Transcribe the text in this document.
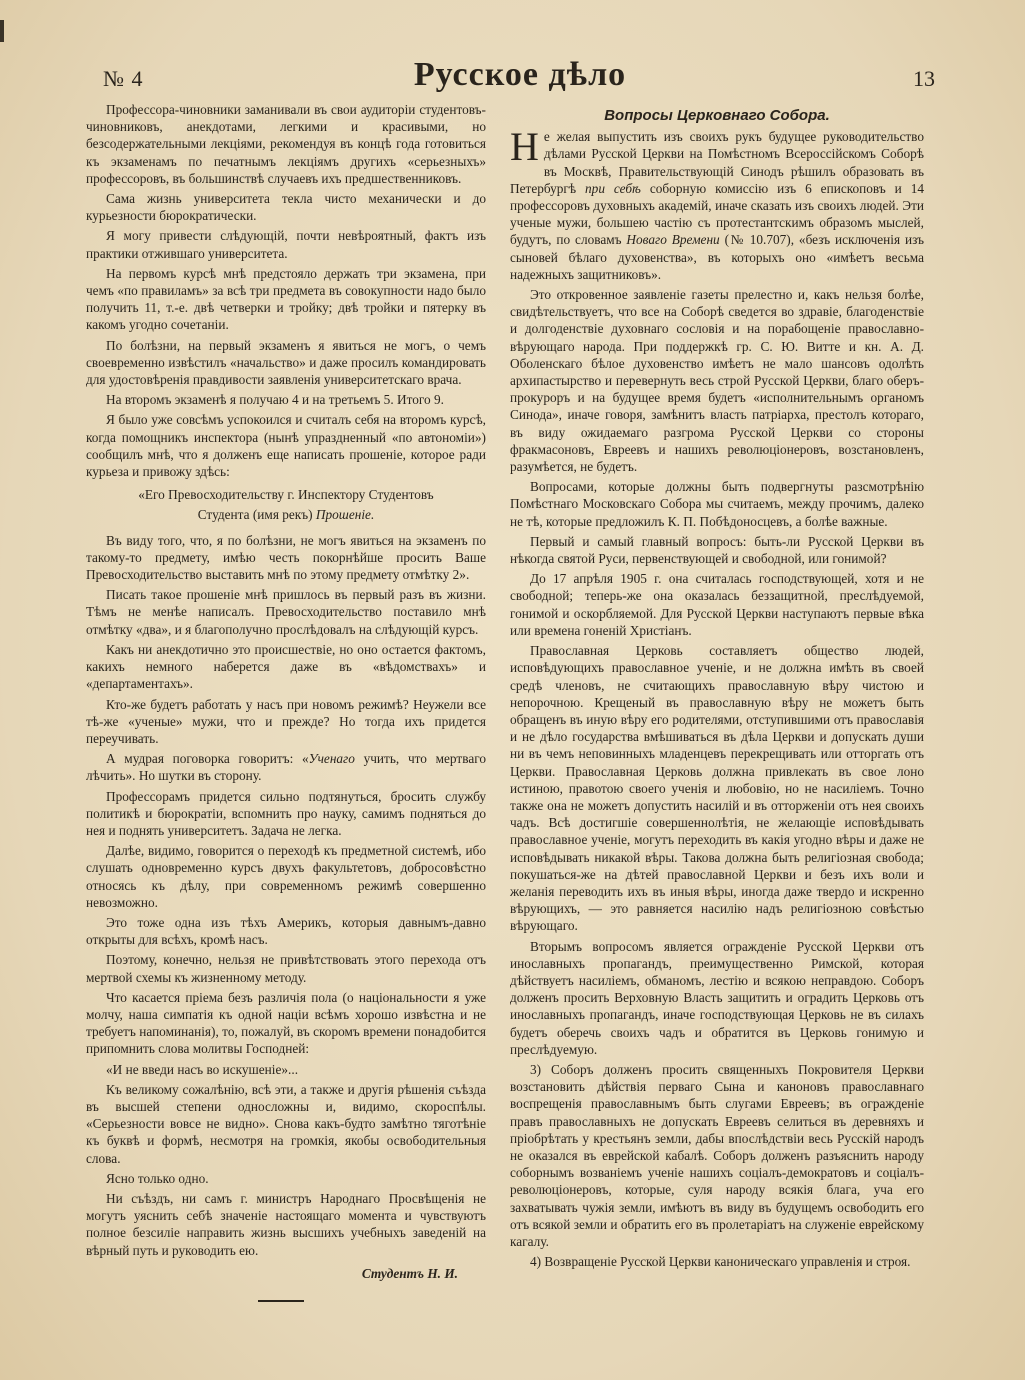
№ 4	Русское дѣло	13

Профессора-чиновники заманивали въ свои аудиторіи студентовъ-чиновниковъ, анекдотами, легкими и красивыми, но безсодержательными лекціями, рекомендуя въ концѣ года готовиться къ экзаменамъ по печатнымъ лекціямъ другихъ «серьезныхъ» профессоровъ, въ большинствѣ случаевъ ихъ предшественниковъ.

Сама жизнь университета текла чисто механически и до курьезности бюрократически.

Я могу привести слѣдующій, почти невѣроятный, фактъ изъ практики отжившаго университета.

На первомъ курсѣ мнѣ предстояло держать три экзамена, при чемъ «по правиламъ» за всѣ три предмета въ совокупности надо было получить 11, т.-е. двѣ четверки и тройку; двѣ тройки и пятерку въ какомъ угодно сочетаніи.

По болѣзни, на первый экзаменъ я явиться не могъ, о чемъ своевременно извѣстилъ «начальство» и даже просилъ командировать для удостовѣренія правдивости заявленія университетскаго врача.

На второмъ экзаменѣ я получаю 4 и на третьемъ 5. Итого 9.

Я было уже совсѣмъ успокоился и считалъ себя на второмъ курсѣ, когда помощникъ инспектора (нынѣ упраздненный «по автономіи») сообщилъ мнѣ, что я долженъ еще написать прошеніе, которое ради курьеза и привожу здѣсь:

«Его Превосходительству г. Инспектору Студентовъ

Студента (имя рекъ) Прошеніе.

Въ виду того, что, я по болѣзни, не могъ явиться на экзаменъ по такому-то предмету, имѣю честь покорнѣйше просить Ваше Превосходительство выставить мнѣ по этому предмету отмѣтку 2».

Писать такое прошеніе мнѣ пришлось въ первый разъ въ жизни. Тѣмъ не менѣе написалъ. Превосходительство поставило мнѣ отмѣтку «два», и я благополучно прослѣдовалъ на слѣдующій курсъ.

Какъ ни анекдотично это происшествіе, но оно остается фактомъ, какихъ немного наберется даже въ «вѣдомствахъ» и «департаментахъ».

Кто-же будетъ работать у насъ при новомъ режимѣ? Неужели все тѣ-же «ученые» мужи, что и прежде? Но тогда ихъ придется переучивать.

А мудрая поговорка говоритъ: «Ученаго учить, что мертваго лѣчить». Но шутки въ сторону.

Профессорамъ придется сильно подтянуться, бросить службу политикѣ и бюрократіи, вспомнить про науку, самимъ подняться до нея и поднять университетъ. Задача не легка.

Далѣе, видимо, говорится о переходѣ къ предметной системѣ, ибо слушать одновременно курсъ двухъ факультетовъ, добросовѣстно относясь къ дѣлу, при современномъ режимѣ совершенно невозможно.

Это тоже одна изъ тѣхъ Америкъ, которыя давнымъ-давно открыты для всѣхъ, кромѣ насъ.

Поэтому, конечно, нельзя не привѣтствовать этого перехода отъ мертвой схемы къ жизненному методу.

Что касается пріема безъ различія пола (о національности я уже молчу, наша симпатія къ одной націи всѣмъ хорошо извѣстна и не требуетъ напоминанія), то, пожалуй, въ скоромъ времени понадобится припомнить слова молитвы Господней:

«И не введи насъ во искушеніе»...

Къ великому сожалѣнію, всѣ эти, а также и другія рѣшенія съѣзда въ высшей степени односложны и, видимо, скороспѣлы. «Серьезности вовсе не видно». Снова какъ-будто замѣтно тяготѣніе къ буквѣ и формѣ, несмотря на громкія, якобы освободительныя слова.

Ясно только одно.

Ни съѣздъ, ни самъ г. министръ Народнаго Просвѣщенія не могутъ уяснить себѣ значеніе настоящаго момента и чувствуютъ полное безсиліе направить жизнь высшихъ учебныхъ заведеній на вѣрный путь и руководить ею.

Студентъ Н. И.

Вопросы Церковнаго Собора.

Не желая выпустить изъ своихъ рукъ будущее руководительство дѣлами Русской Церкви на Помѣстномъ Всероссійскомъ Соборѣ въ Москвѣ, Правительствующій Синодъ рѣшилъ образовать въ Петербургѣ при себѣ соборную комиссію изъ 6 епископовъ и 14 профессоровъ духовныхъ академій, иначе сказать изъ своихъ людей. Эти ученые мужи, большею частію съ протестантскимъ образомъ мыслей, будутъ, по словамъ Новаго Времени (№ 10.707), «безъ исключенія изъ сыновей бѣлаго духовенства», въ которыхъ оно «имѣетъ весьма надежныхъ защитниковъ».

Это откровенное заявленіе газеты прелестно и, какъ нельзя болѣе, свидѣтельствуетъ, что все на Соборѣ сведется во здравіе, благоденствіе и долгоденствіе духовнаго сословія и на порабощеніе православно-вѣрующаго народа. При поддержкѣ гр. С. Ю. Витте и кн. А. Д. Оболенскаго бѣлое духовенство имѣетъ не мало шансовъ одолѣть архипастырство и перевернуть весь строй Русской Церкви, благо оберъ-прокуроръ и на будущее время будетъ «исполнительнымъ органомъ Синода», иначе говоря, замѣнитъ власть патріарха, престолъ котораго, въ виду ожидаемаго разгрома Русской Церкви со стороны фракмасоновъ, Евреевъ и нашихъ революціонеровъ, возстановленъ, разумѣется, не будетъ.

Вопросами, которые должны быть подвергнуты разсмотрѣнію Помѣстнаго Московскаго Собора мы считаемъ, между прочимъ, далеко не тѣ, которые предложилъ К. П. Побѣдоносцевъ, а болѣе важные.

Первый и самый главный вопросъ: быть-ли Русской Церкви въ нѣкогда святой Руси, первенствующей и свободной, или гонимой?

До 17 апрѣля 1905 г. она считалась господствующей, хотя и не свободной; теперь-же она оказалась беззащитной, преслѣдуемой, гонимой и оскорбляемой. Для Русской Церкви наступаютъ первые вѣка или времена гоненій Христіанъ.

Православная Церковь составляетъ общество людей, исповѣдующихъ православное ученіе, и не должна имѣть въ своей средѣ членовъ, не считающихъ православную вѣру чистою и непорочною. Крещеный въ православную вѣру не можетъ быть обращенъ въ иную вѣру его родителями, отступившими отъ православія и не дѣло государства вмѣшиваться въ дѣла Церкви и допускать души ни въ чемъ неповинныхъ младенцевъ перекрещивать или отторгать отъ Церкви. Православная Церковь должна привлекать въ свое лоно истиною, правотою своего ученія и любовію, но не насиліемъ. Точно также она не можетъ допустить насилій и въ отторженіи отъ нея своихъ чадъ. Всѣ достигшіе совершеннолѣтія, не желающіе исповѣдывать православное ученіе, могутъ переходить въ какія угодно вѣры и даже не исповѣдывать никакой вѣры. Такова должна быть религіозная свобода; покушаться-же на дѣтей православной Церкви и безъ ихъ воли и желанія переводить ихъ въ иныя вѣры, иногда даже твердо и искренно вѣрующихъ, — это равняется насилію надъ религіозною совѣстью вѣрующаго.

Вторымъ вопросомъ является огражденіе Русской Церкви отъ инославныхъ пропагандъ, преимущественно Римской, которая дѣйствуетъ насиліемъ, обманомъ, лестію и всякою неправдою. Соборъ долженъ просить Верховную Власть защитить и оградить Церковь отъ инославныхъ пропагандъ, иначе господствующая Церковь не въ силахъ будетъ оберечь своихъ чадъ и обратится въ Церковь гонимую и преслѣдуемую.

3) Соборъ долженъ просить священныхъ Покровителя Церкви возстановить дѣйствія перваго Сына и каноновъ православнаго воспрещенія православнымъ быть слугами Евреевъ; въ огражденіе правъ православныхъ не допускать Евреевъ селиться въ деревняхъ и пріобрѣтать у крестьянъ земли, дабы впослѣдствіи весь Русскій народъ не оказался въ еврейской кабалѣ. Соборъ долженъ разъяснить народу соборнымъ возваніемъ ученіе нашихъ соціалъ-демократовъ и соціалъ-революціонеровъ, которые, суля народу всякія блага, уча его захватывать чужія земли, имѣютъ въ виду въ будущемъ освободить его отъ всякой земли и обратить его въ пролетаріатъ на служеніе еврейскому кагалу.

4) Возвращеніе Русской Церкви каноническаго управленія и строя.
